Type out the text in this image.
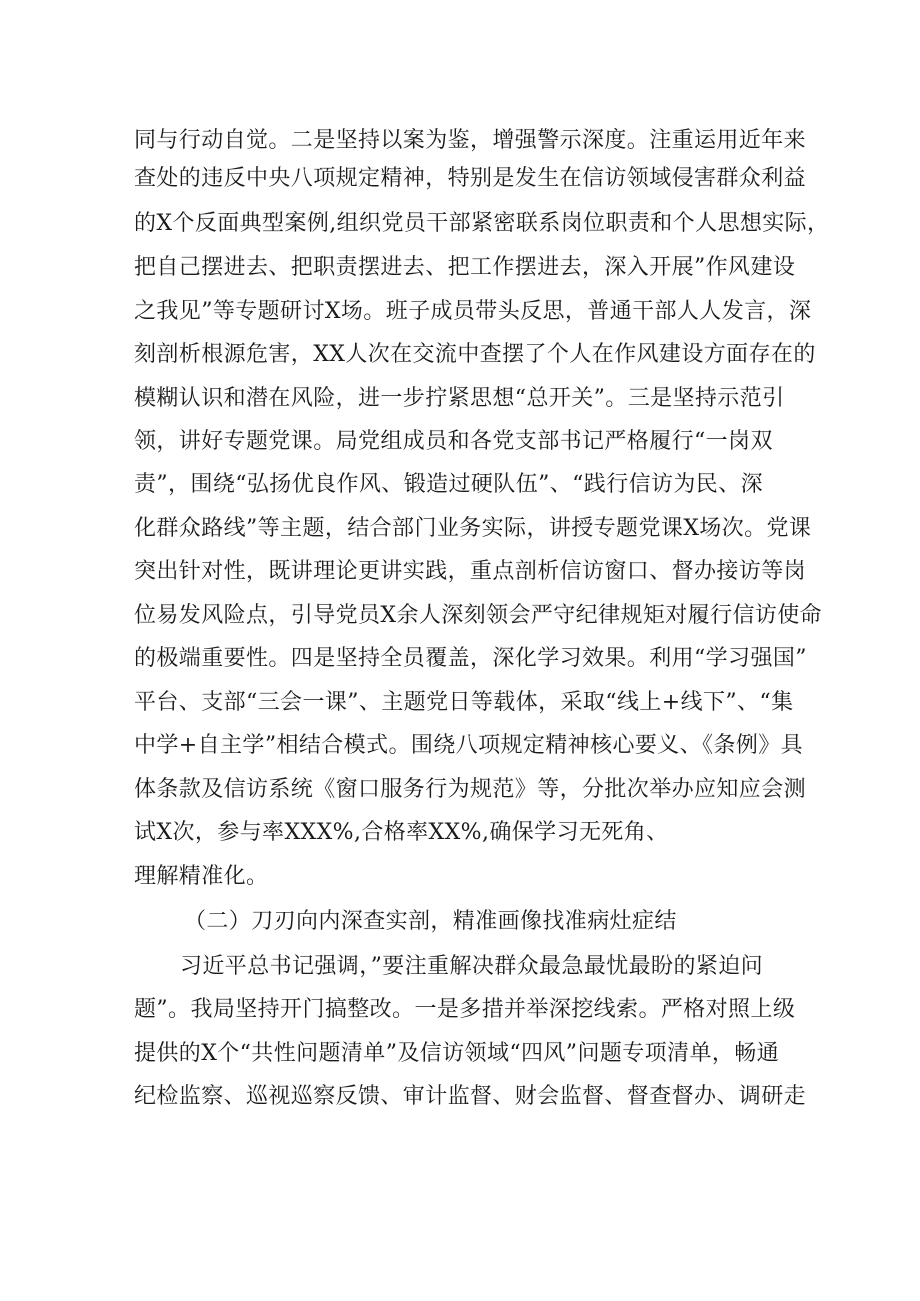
同与行动自觉。二是坚持以案为鉴，增强警示深度。注重运用近年来
查处的违反中央八项规定精神，特别是发生在信访领域侵害群众利益
的X个反面典型案例,组织党员干部紧密联系岗位职责和个人思想实际，
把自己摆进去、把职责摆进去、把工作摆进去，深入开展”作风建设
之我见”等专题研讨X场。班子成员带头反思，普通干部人人发言，深
刻剖析根源危害，XX人次在交流中查摆了个人在作风建设方面存在的
模糊认识和潜在风险，进一步拧紧思想“总开关”。三是坚持示范引
领，讲好专题党课。局党组成员和各党支部书记严格履行“一岗双
责”，围绕“弘扬优良作风、锻造过硬队伍”、“践行信访为民、深
化群众路线”等主题，结合部门业务实际，讲授专题党课X场次。党课
突出针对性，既讲理论更讲实践，重点剖析信访窗口、督办接访等岗
位易发风险点，引导党员X余人深刻领会严守纪律规矩对履行信访使命
的极端重要性。四是坚持全员覆盖，深化学习效果。利用“学习强国”
平台、支部“三会一课”、主题党日等载体，采取“线上+线下”、“集
中学+自主学”相结合模式。围绕八项规定精神核心要义、《条例》具
体条款及信访系统《窗口服务行为规范》等，分批次举办应知应会测
试X次，参与率XXX%,合格率XX%,确保学习无死角、
理解精准化。
（二）刀刃向内深查实剖，精准画像找准病灶症结
习近平总书记强调，”要注重解决群众最急最忧最盼的紧迫问
题”。我局坚持开门搞整改。一是多措并举深挖线索。严格对照上级
提供的X个“共性问题清单”及信访领域“四风”问题专项清单，畅通
纪检监察、巡视巡察反馈、审计监督、财会监督、督查督办、调研走
